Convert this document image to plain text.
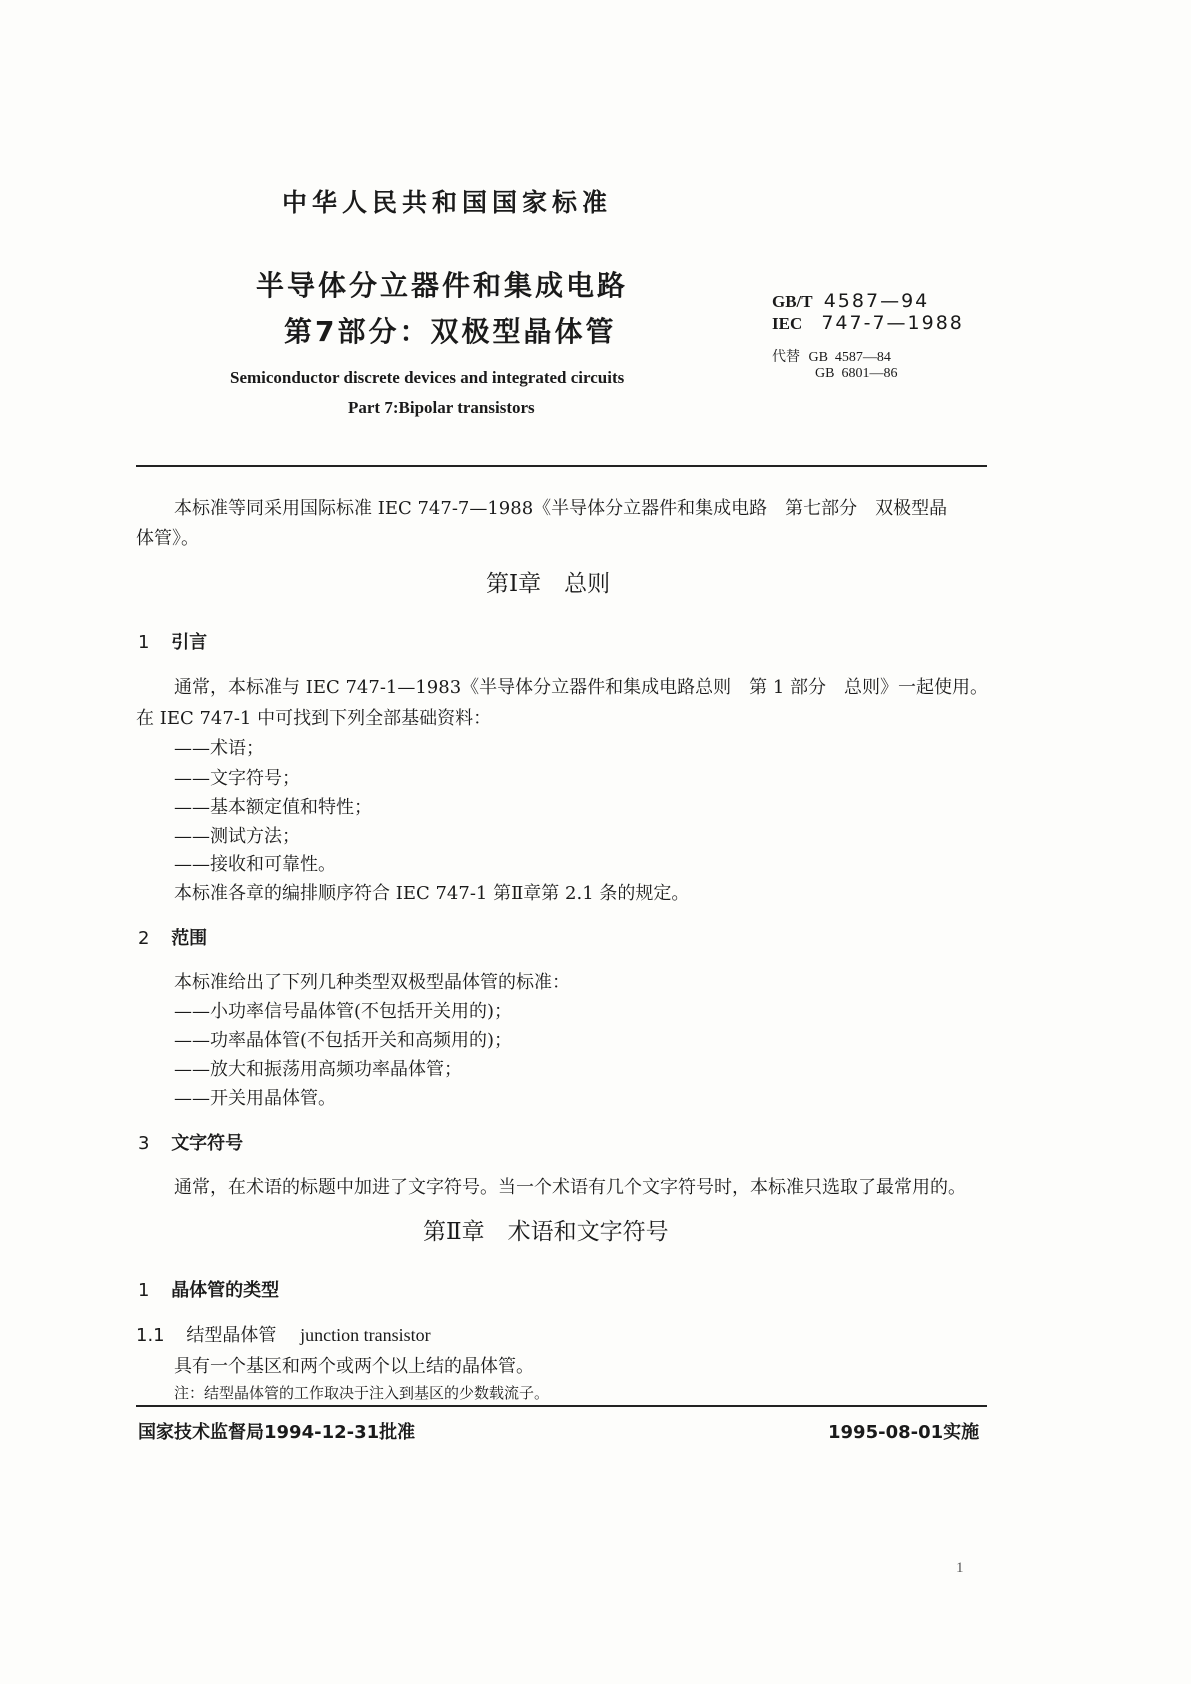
中华人民共和国国家标准
半导体分立器件和集成电路
第7部分：双极型晶体管
Semiconductor discrete devices and integrated circuits
Part 7:Bipolar transistors
GB/T 4587—94
IEC 747-7—1988
代替 GB  4587—84
GB  6801—86
本标准等同采用国际标准 IEC 747-7—1988《半导体分立器件和集成电路　第七部分　双极型晶
体管》。
第Ⅰ章　总则
1 引言
通常，本标准与 IEC 747-1—1983《半导体分立器件和集成电路总则　第 1 部分　总则》一起使用。
在 IEC 747-1 中可找到下列全部基础资料：
——术语；
——文字符号；
——基本额定值和特性；
——测试方法；
——接收和可靠性。
本标准各章的编排顺序符合 IEC 747-1 第Ⅱ章第 2.1 条的规定。
2 范围
本标准给出了下列几种类型双极型晶体管的标准：
——小功率信号晶体管(不包括开关用的)；
——功率晶体管(不包括开关和高频用的)；
——放大和振荡用高频功率晶体管；
——开关用晶体管。
3 文字符号
通常，在术语的标题中加进了文字符号。当一个术语有几个文字符号时，本标准只选取了最常用的。
第Ⅱ章　术语和文字符号
1 晶体管的类型
1.1 结型晶体管 junction transistor
具有一个基区和两个或两个以上结的晶体管。
注：结型晶体管的工作取决于注入到基区的少数载流子。
国家技术监督局1994-12-31批准	1995-08-01实施
1
